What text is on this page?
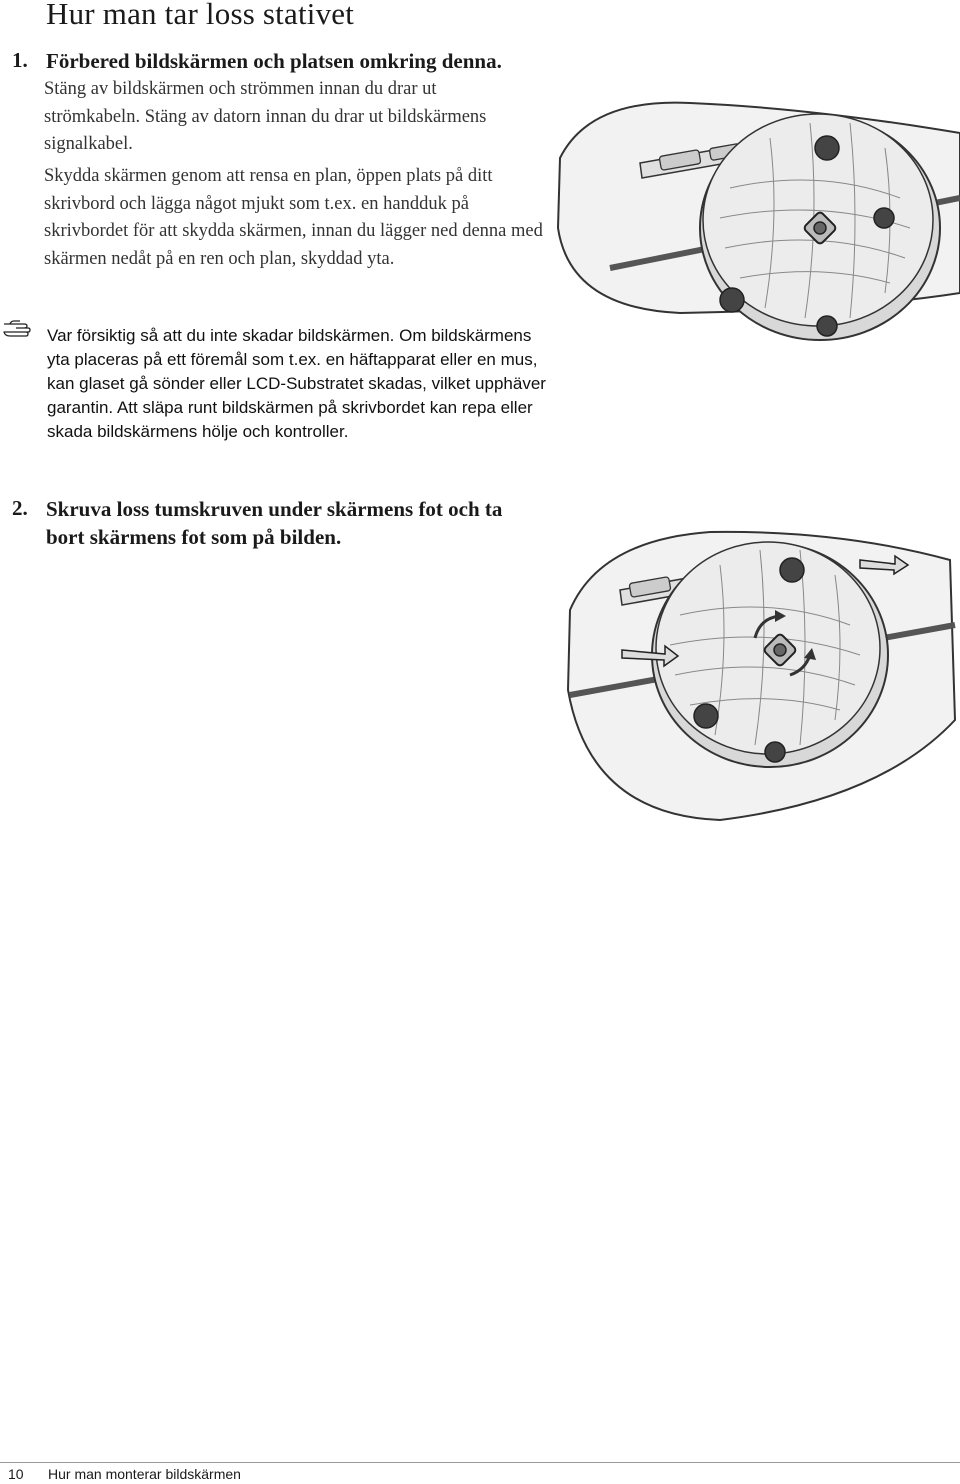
Hur man tar loss stativet
1. Förbered bildskärmen och platsen omkring denna.

Stäng av bildskärmen och strömmen innan du drar ut strömkabeln. Stäng av datorn innan du drar ut bildskärmens signalkabel.

Skydda skärmen genom att rensa en plan, öppen plats på ditt skrivbord och lägga något mjukt som t.ex. en handduk på skrivbordet för att skydda skärmen, innan du lägger ned denna med skärmen nedåt på en ren och plan, skyddad yta.

Var försiktig så att du inte skadar bildskärmen. Om bildskärmens yta placeras på ett föremål som t.ex. en häftapparat eller en mus, kan glaset gå sönder eller LCD-Substratet skadas, vilket upphäver garantin. Att släpa runt bildskärmen på skrivbordet kan repa eller skada bildskärmens hölje och kontroller.

2. Skruva loss tumskruven under skärmens fot och ta bort skärmens fot som på bilden.

10 Hur man monterar bildskärmen
